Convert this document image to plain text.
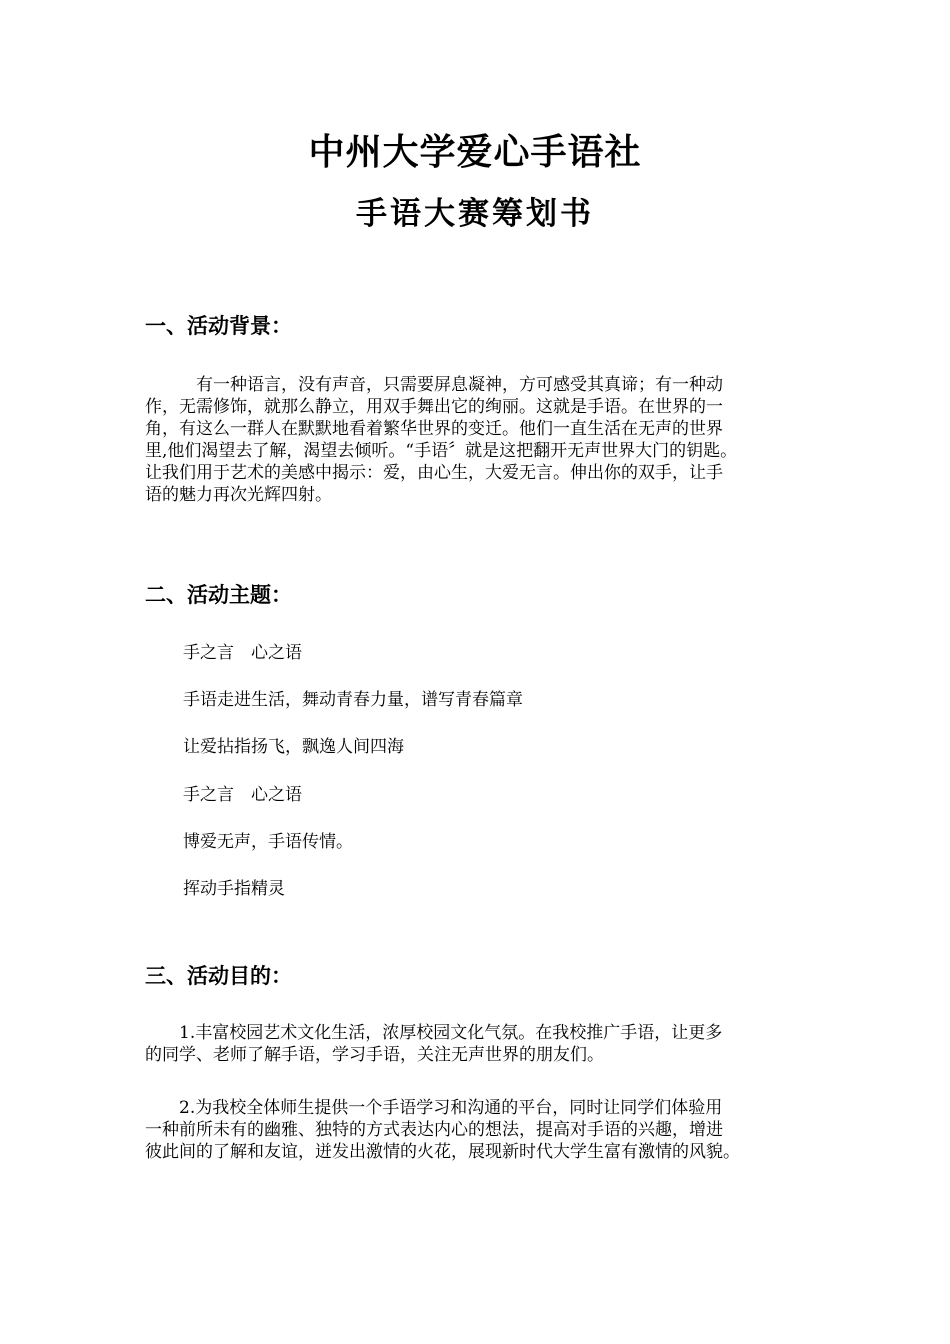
中州大学爱心手语社
手语大赛筹划书
一、活动背景：
　　　有一种语言，没有声音，只需要屏息凝神，方可感受其真谛；有一种动
作，无需修饰，就那么静立，用双手舞出它的绚丽。这就是手语。在世界的一
角，有这么一群人在默默地看着繁华世界的变迁。他们一直生活在无声的世界
里,他们渴望去了解，渴望去倾听。“手语〞就是这把翻开无声世界大门的钥匙。
让我们用于艺术的美感中揭示：爱，由心生，大爱无言。伸出你的双手，让手
语的魅力再次光辉四射。
二、活动主题：
手之言　心之语
手语走进生活，舞动青春力量，谱写青春篇章
让爱拈指扬飞，飘逸人间四海
手之言　心之语
博爱无声，手语传情。
挥动手指精灵
三、活动目的：
　　1.丰富校园艺术文化生活，浓厚校园文化气氛。在我校推广手语，让更多
的同学、老师了解手语，学习手语，关注无声世界的朋友们。
　　2.为我校全体师生提供一个手语学习和沟通的平台，同时让同学们体验用
一种前所未有的幽雅、独特的方式表达内心的想法，提高对手语的兴趣，增进
彼此间的了解和友谊，迸发出激情的火花，展现新时代大学生富有激情的风貌。
